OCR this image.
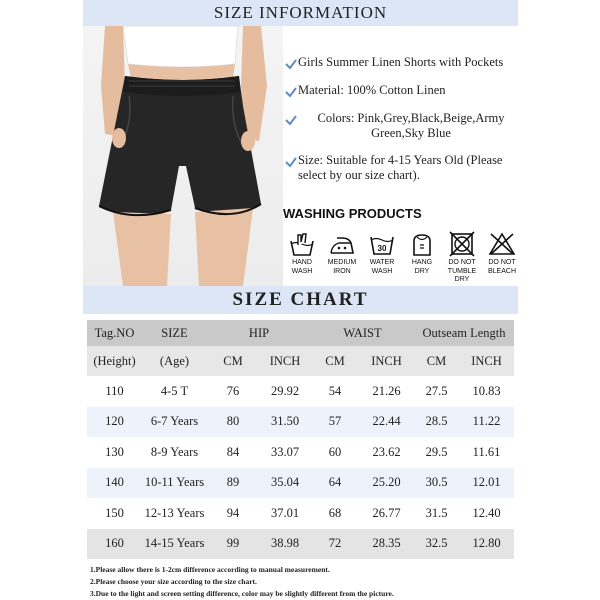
SIZE INFORMATION
Girls Summer Linen Shorts with Pockets
Material: 100% Cotton Linen
Colors: Pink,Grey,Black,Beige,Army Green,Sky Blue
Size: Suitable for 4-15 Years Old (Please select by our size chart).
WASHING PRODUCTS
HAND
WASH
MEDIUM
IRON
30
WATER
WASH
HANG
DRY
DO NOT
TUMBLE
DRY
DO NOT
BLEACH
SIZE CHART
Tag.NO	SIZE	HIP		WAIST		Outseam Length	
(Height)	(Age)	CM	INCH	CM	INCH	CM	INCH
110	4-5 T	76	29.92	54	21.26	27.5	10.83
120	6-7 Years	80	31.50	57	22.44	28.5	11.22
130	8-9 Years	84	33.07	60	23.62	29.5	11.61
140	10-11 Years	89	35.04	64	25.20	30.5	12.01
150	12-13 Years	94	37.01	68	26.77	31.5	12.40
160	14-15 Years	99	38.98	72	28.35	32.5	12.80
1.Please allow there is 1-2cm difference according to manual measurement.
2.Please choose your size according to the size chart.
3.Due to the light and screen setting difference, color may be slightly different from the picture.
